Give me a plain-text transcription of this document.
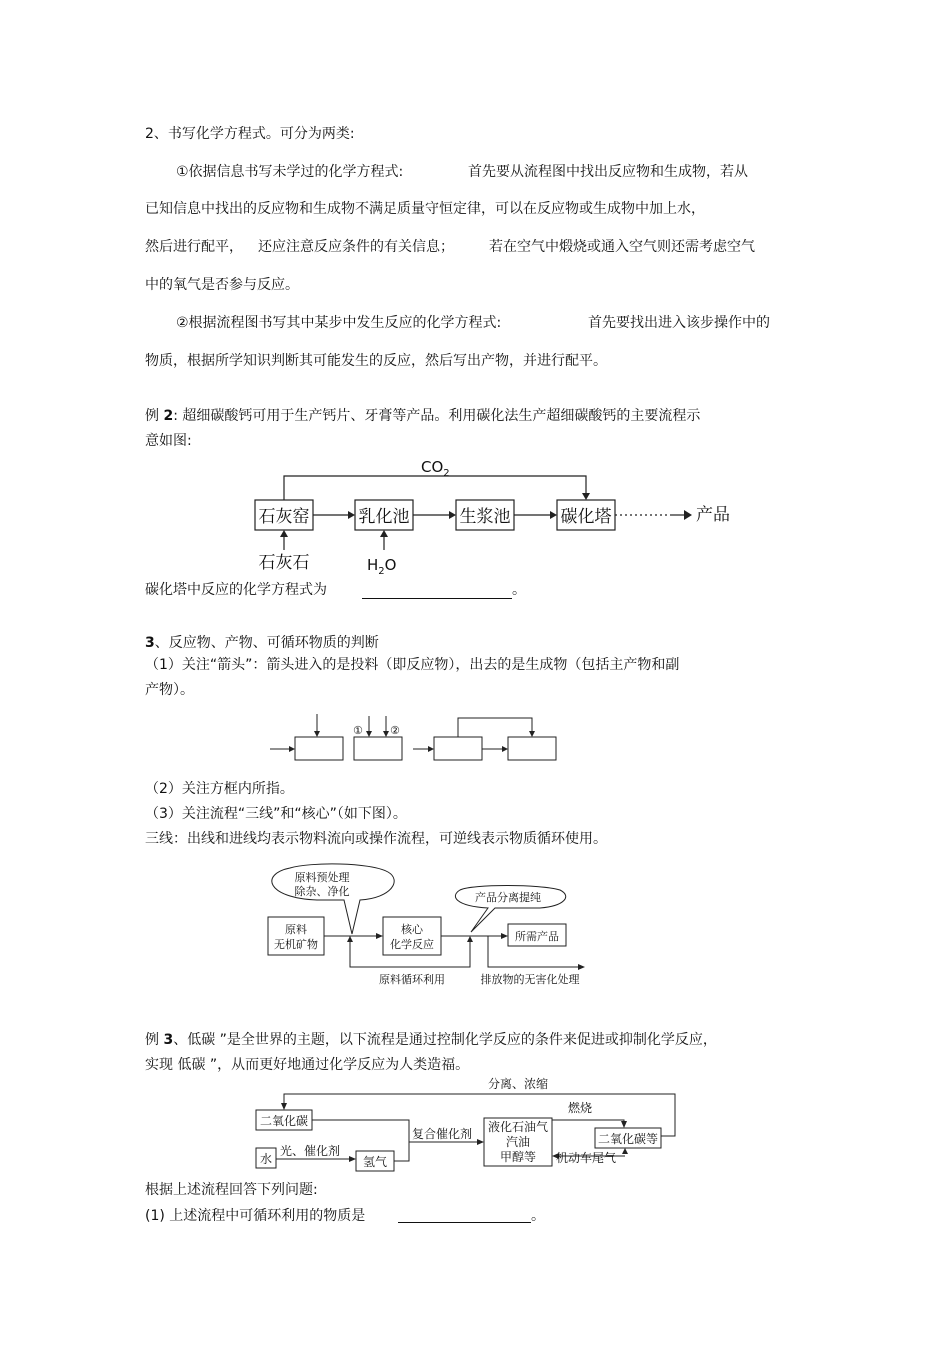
2、书写化学方程式。可分为两类:
①依据信息书写未学过的化学方程式:	首先要从流程图中找出反应物和生成物，若从
已知信息中找出的反应物和生成物不满足质量守恒定律，可以在反应物或生成物中加上水，
然后进行配平， 还应注意反应条件的有关信息；	若在空气中煅烧或通入空气则还需考虑空气
中的氧气是否参与反应。
②根据流程图书写其中某步中发生反应的化学方程式:	首先要找出进入该步操作中的
物质，根据所学知识判断其可能发生的反应，然后写出产物，并进行配平。
例 2: 超细碳酸钙可用于生产钙片、牙膏等产品。利用碳化法生产超细碳酸钙的主要流程示
意如图:
$CO_2$
石灰窑	乳化池	生浆池	碳化塔	产品
石灰石	$H_2O$
碳化塔中反应的化学方程式为	。
3、反应物、产物、可循环物质的判断
（1）关注“箭头”：箭头进入的是投料（即反应物），出去的是生成物（包括主产物和副
产物）。
① ②
（2）关注方框内所指。
（3）关注流程“三线”和“核心”（如下图）。
三线：出线和进线均表示物料流向或操作流程，可逆线表示物质循环使用。
原料预处理
除杂、净化	产品分离提纯
原料
无机矿物
核心
化学反应
所需产品
原料循环利用	排放物的无害化处理
例 3、低碳 ”是全世界的主题，以下流程是通过控制化学反应的条件来促进或抑制化学反应，
实现 低碳 ”，从而更好地通过化学反应为人类造福。
分离、浓缩
二氧化碳
水
光、催化剂
氢气
复合催化剂 液化石油气
汽油
甲醇等
燃烧
机动车尾气
二氧化碳等
根据上述流程回答下列问题:
(1) 上述流程中可循环利用的物质是	。
